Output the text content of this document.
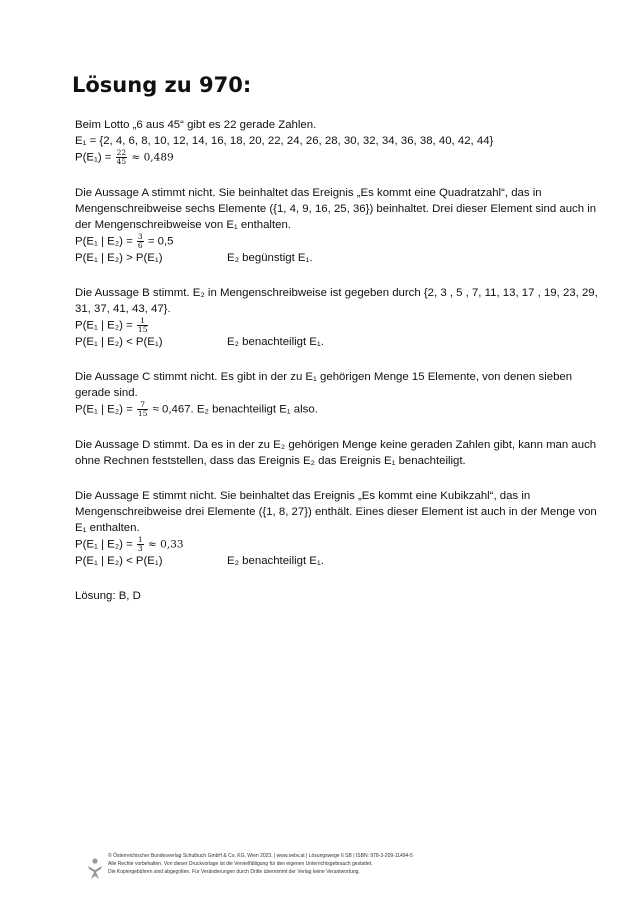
Lösung zu 970:

Beim Lotto „6 aus 45“ gibt es 22 gerade Zahlen.

E₁ = {2, 4, 6, 8, 10, 12, 14, 16, 18, 20, 22, 24, 26, 28, 30, 32, 34, 36, 38, 40, 42, 44}

$P(E_1) = \frac{22}{45} \approx 0,489$

Die Aussage A stimmt nicht. Sie beinhaltet das Ereignis „Es kommt eine Quadratzahl“, das in Mengenschreibweise sechs Elemente ({1, 4, 9, 16, 25, 36}) beinhaltet. Drei dieser Element sind auch in der Mengenschreibweise von E₁ enthalten.

P(E₁ | $E_2) = \frac{3}{6} = 0,5$

P(E₁ | E₂) > P(E₁)	E₂ begünstigt E₁.

Die Aussage B stimmt. E₂ in Mengenschreibweise ist gegeben durch {2, 3 , 5 , 7, 11, 13, 17 , 19, 23, 29, 31, 37, 41, 43, 47}.

P(E₁ | $E_2) = \frac{1}{15}$

P(E₁ | E₂) < P(E₁)	E₂ benachteiligt E₁.

Die Aussage C stimmt nicht. Es gibt in der zu E₁ gehörigen Menge 15 Elemente, von denen sieben gerade sind.

P(E₁ | $E_2) = \frac{7}{15} \approx 0,467$. E₂ benachteiligt E₁ also.

Die Aussage D stimmt. Da es in der zu E₂ gehörigen Menge keine geraden Zahlen gibt, kann man auch ohne Rechnen feststellen, dass das Ereignis E₂ das Ereignis E₁ benachteiligt.

Die Aussage E stimmt nicht. Sie beinhaltet das Ereignis „Es kommt eine Kubikzahl“, das in Mengenschreibweise drei Elemente ({1, 8, 27}) enthält. Eines dieser Element ist auch in der Menge von E₁ enthalten.

P(E₁ | $E_2) = \frac{1}{3} \approx 0,33$

P(E₁ | E₂) < P(E₁)	E₂ benachteiligt E₁.

Lösung: B, D

© Österreichischer Bundesverlag Schulbuch GmbH & Co. KG, Wien 2023. | www.oebv.at | Lösungswege 6 SB | ISBN: 978-3-209-11494-5
Alle Rechte vorbehalten. Von dieser Druckvorlage ist die Vervielfältigung für den eigenen Unterrichtsgebrauch gestattet.
Die Kopiergebühren sind abgegolten. Für Veränderungen durch Dritte übernimmt der Verlag keine Verantwortung.
